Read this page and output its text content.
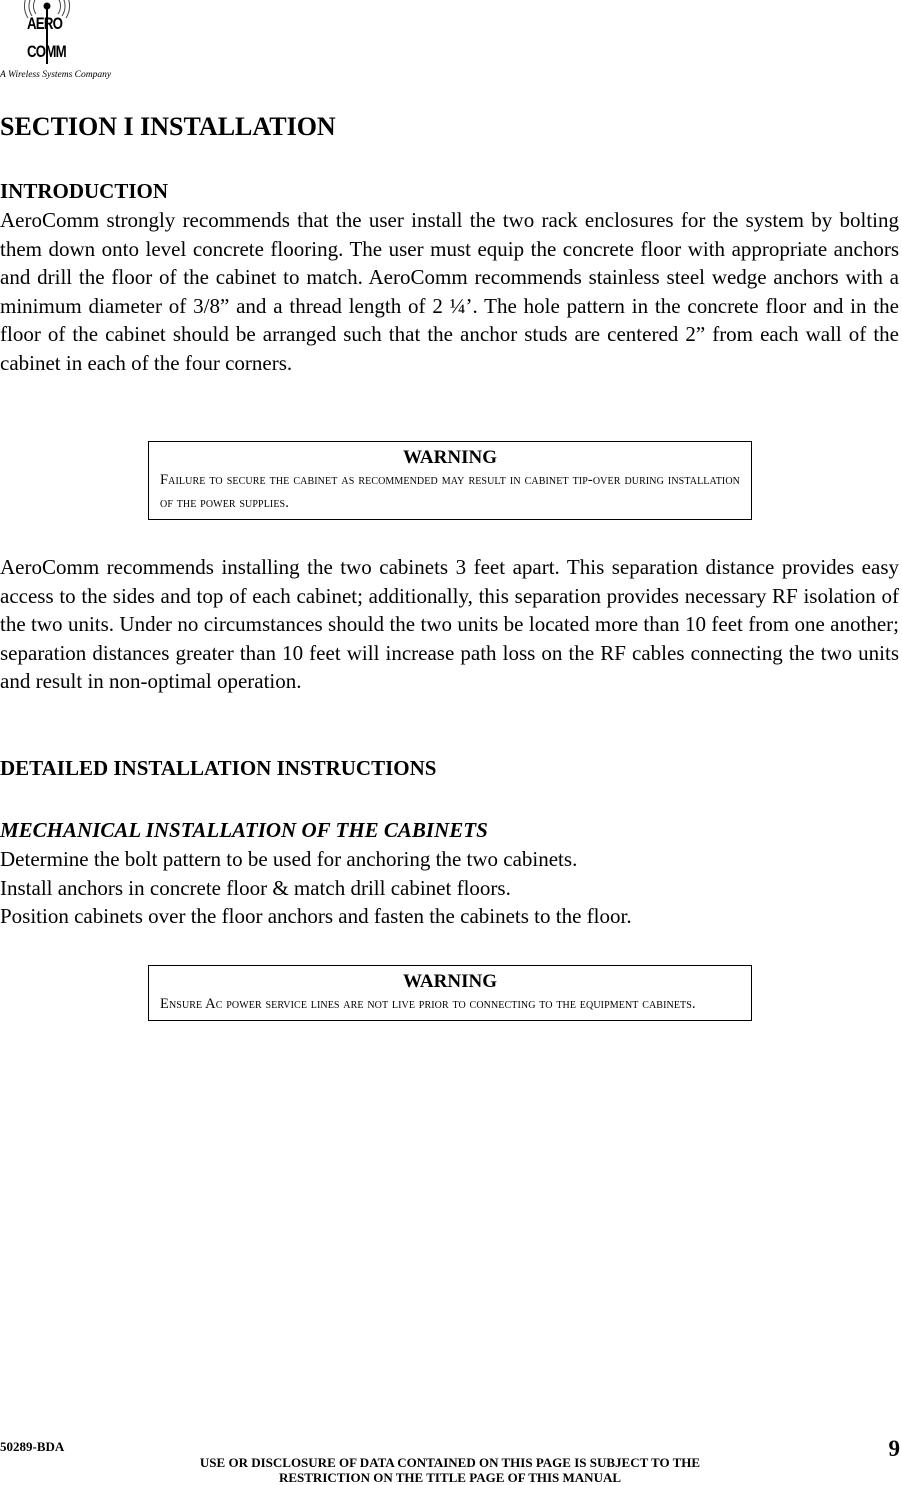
AERO
COMM
A Wireless Systems Company
SECTION I INSTALLATION
INTRODUCTION

AeroComm strongly recommends that the user install the two rack enclosures for the system by bolting them down onto level concrete flooring. The user must equip the concrete floor with appropriate anchors and drill the floor of the cabinet to match. AeroComm recommends stainless steel wedge anchors with a minimum diameter of 3/8” and a thread length of 2 ¼’. The hole pattern in the concrete floor and in the floor of the cabinet should be arranged such that the anchor studs are centered 2” from each wall of the cabinet in each of the four corners.

WARNING
Failure to secure the cabinet as recommended may result in cabinet tip-over during installation of the power supplies.

AeroComm recommends installing the two cabinets 3 feet apart. This separation distance provides easy access to the sides and top of each cabinet; additionally, this separation provides necessary RF isolation of the two units. Under no circumstances should the two units be located more than 10 feet from one another; separation distances greater than 10 feet will increase path loss on the RF cables connecting the two units and result in non-optimal operation.

DETAILED INSTALLATION INSTRUCTIONS
MECHANICAL INSTALLATION OF THE CABINETS
Determine the bolt pattern to be used for anchoring the two cabinets.
Install anchors in concrete floor & match drill cabinet floors.
Position cabinets over the floor anchors and fasten the cabinets to the floor.
WARNING
Ensure Ac power service lines are not live prior to connecting to the equipment cabinets.
50289-BDA
USE OR DISCLOSURE OF DATA CONTAINED ON THIS PAGE IS SUBJECT TO THE
RESTRICTION ON THE TITLE PAGE OF THIS MANUAL
9
